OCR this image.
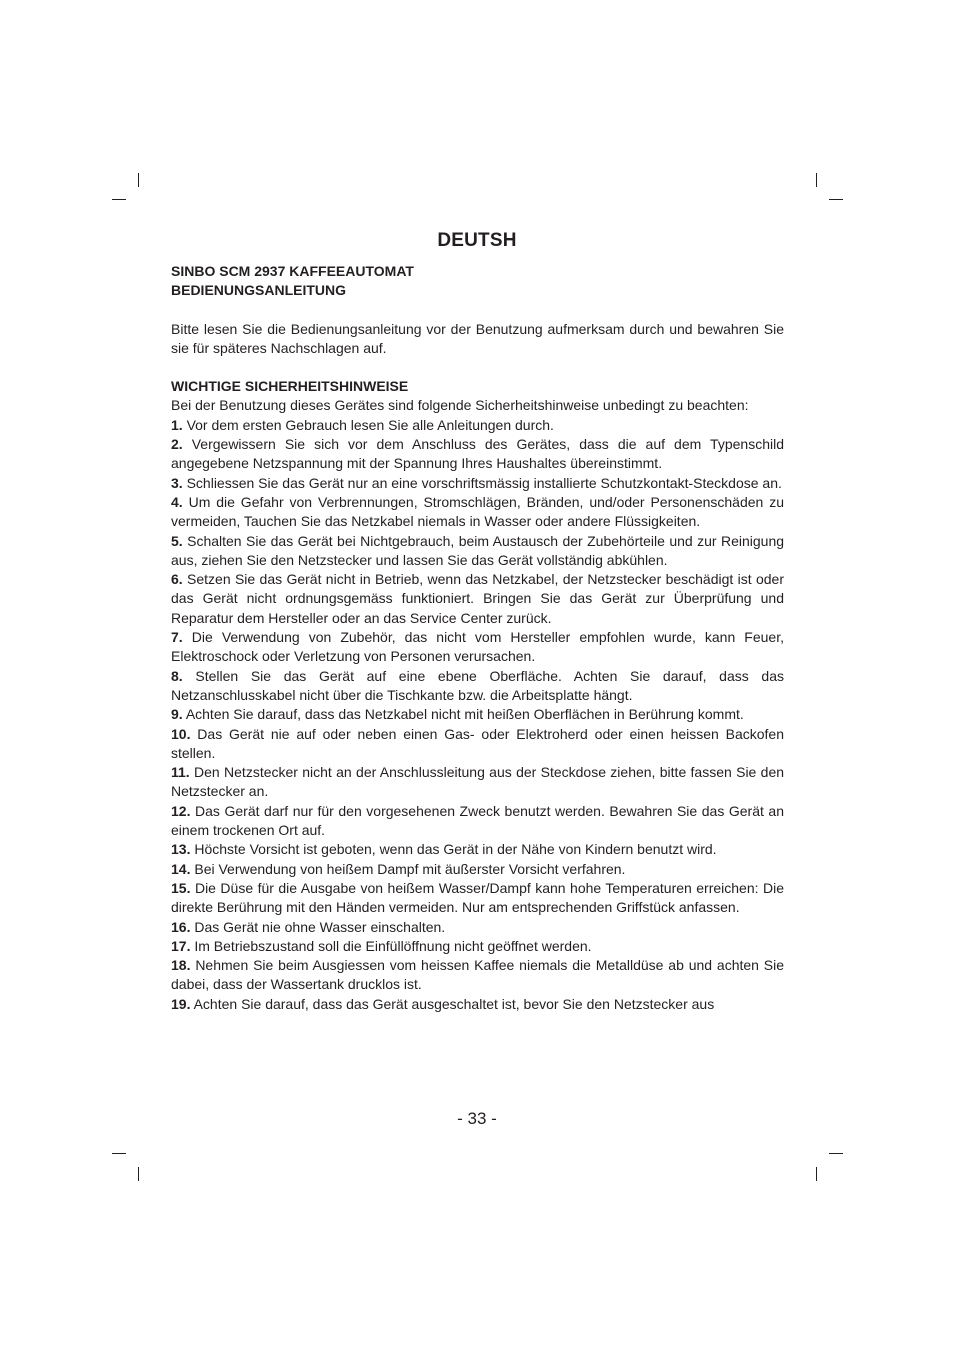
DEUTSH

SINBO SCM 2937 KAFFEEAUTOMAT

BEDIENUNGSANLEITUNG

Bitte lesen Sie die Bedienungsanleitung vor der Benutzung aufmerksam durch und bewahren Sie sie für späteres Nachschlagen auf.

WICHTIGE SICHERHEITSHINWEISE

Bei der Benutzung dieses Gerätes sind folgende Sicherheitshinweise unbedingt zu beachten:

1. Vor dem ersten Gebrauch lesen Sie alle Anleitungen durch.

2. Vergewissern Sie sich vor dem Anschluss des Gerätes, dass die auf dem Typenschild angegebene Netzspannung mit der Spannung Ihres Haushaltes übereinstimmt.

3. Schliessen Sie das Gerät nur an eine vorschriftsmässig installierte Schutzkontakt-Steckdose an.

4. Um die Gefahr von Verbrennungen, Stromschlägen, Bränden, und/oder Personenschäden zu vermeiden, Tauchen Sie das Netzkabel niemals in Wasser oder andere Flüssigkeiten.

5. Schalten Sie das Gerät bei Nichtgebrauch, beim Austausch der Zubehörteile und zur Reinigung aus, ziehen Sie den Netzstecker und lassen Sie das Gerät vollständig abkühlen.

6. Setzen Sie das Gerät nicht in Betrieb, wenn das Netzkabel, der Netzstecker beschädigt ist oder das Gerät nicht ordnungsgemäss funktioniert. Bringen Sie das Gerät zur Überprüfung und Reparatur dem Hersteller oder an das Service Center zurück.

7. Die Verwendung von Zubehör, das nicht vom Hersteller empfohlen wurde, kann Feuer, Elektroschock oder Verletzung von Personen verursachen.

8. Stellen Sie das Gerät auf eine ebene Oberfläche. Achten Sie darauf, dass das Netzanschlusskabel nicht über die Tischkante bzw. die Arbeitsplatte hängt.

9. Achten Sie darauf, dass das Netzkabel nicht mit heißen Oberflächen in Berührung kommt.

10. Das Gerät nie auf oder neben einen Gas- oder Elektroherd oder einen heissen Backofen stellen.

11. Den Netzstecker nicht an der Anschlussleitung aus der Steckdose ziehen, bitte fassen Sie den Netzstecker an.

12. Das Gerät darf nur für den vorgesehenen Zweck benutzt werden. Bewahren Sie das Gerät an einem trockenen Ort auf.

13. Höchste Vorsicht ist geboten, wenn das Gerät in der Nähe von Kindern benutzt wird.

14. Bei Verwendung von heißem Dampf mit äußerster Vorsicht verfahren.

15. Die Düse für die Ausgabe von heißem Wasser/Dampf kann hohe Temperaturen erreichen: Die direkte Berührung mit den Händen vermeiden. Nur am entsprechenden Griffstück anfassen.

16. Das Gerät nie ohne Wasser einschalten.

17. Im Betriebszustand soll die Einfüllöffnung nicht geöffnet werden.

18. Nehmen Sie beim Ausgiessen vom heissen Kaffee niemals die Metalldüse ab und achten Sie dabei, dass der Wassertank drucklos ist.

19. Achten Sie darauf, dass das Gerät ausgeschaltet ist, bevor Sie den Netzstecker aus

- 33 -
